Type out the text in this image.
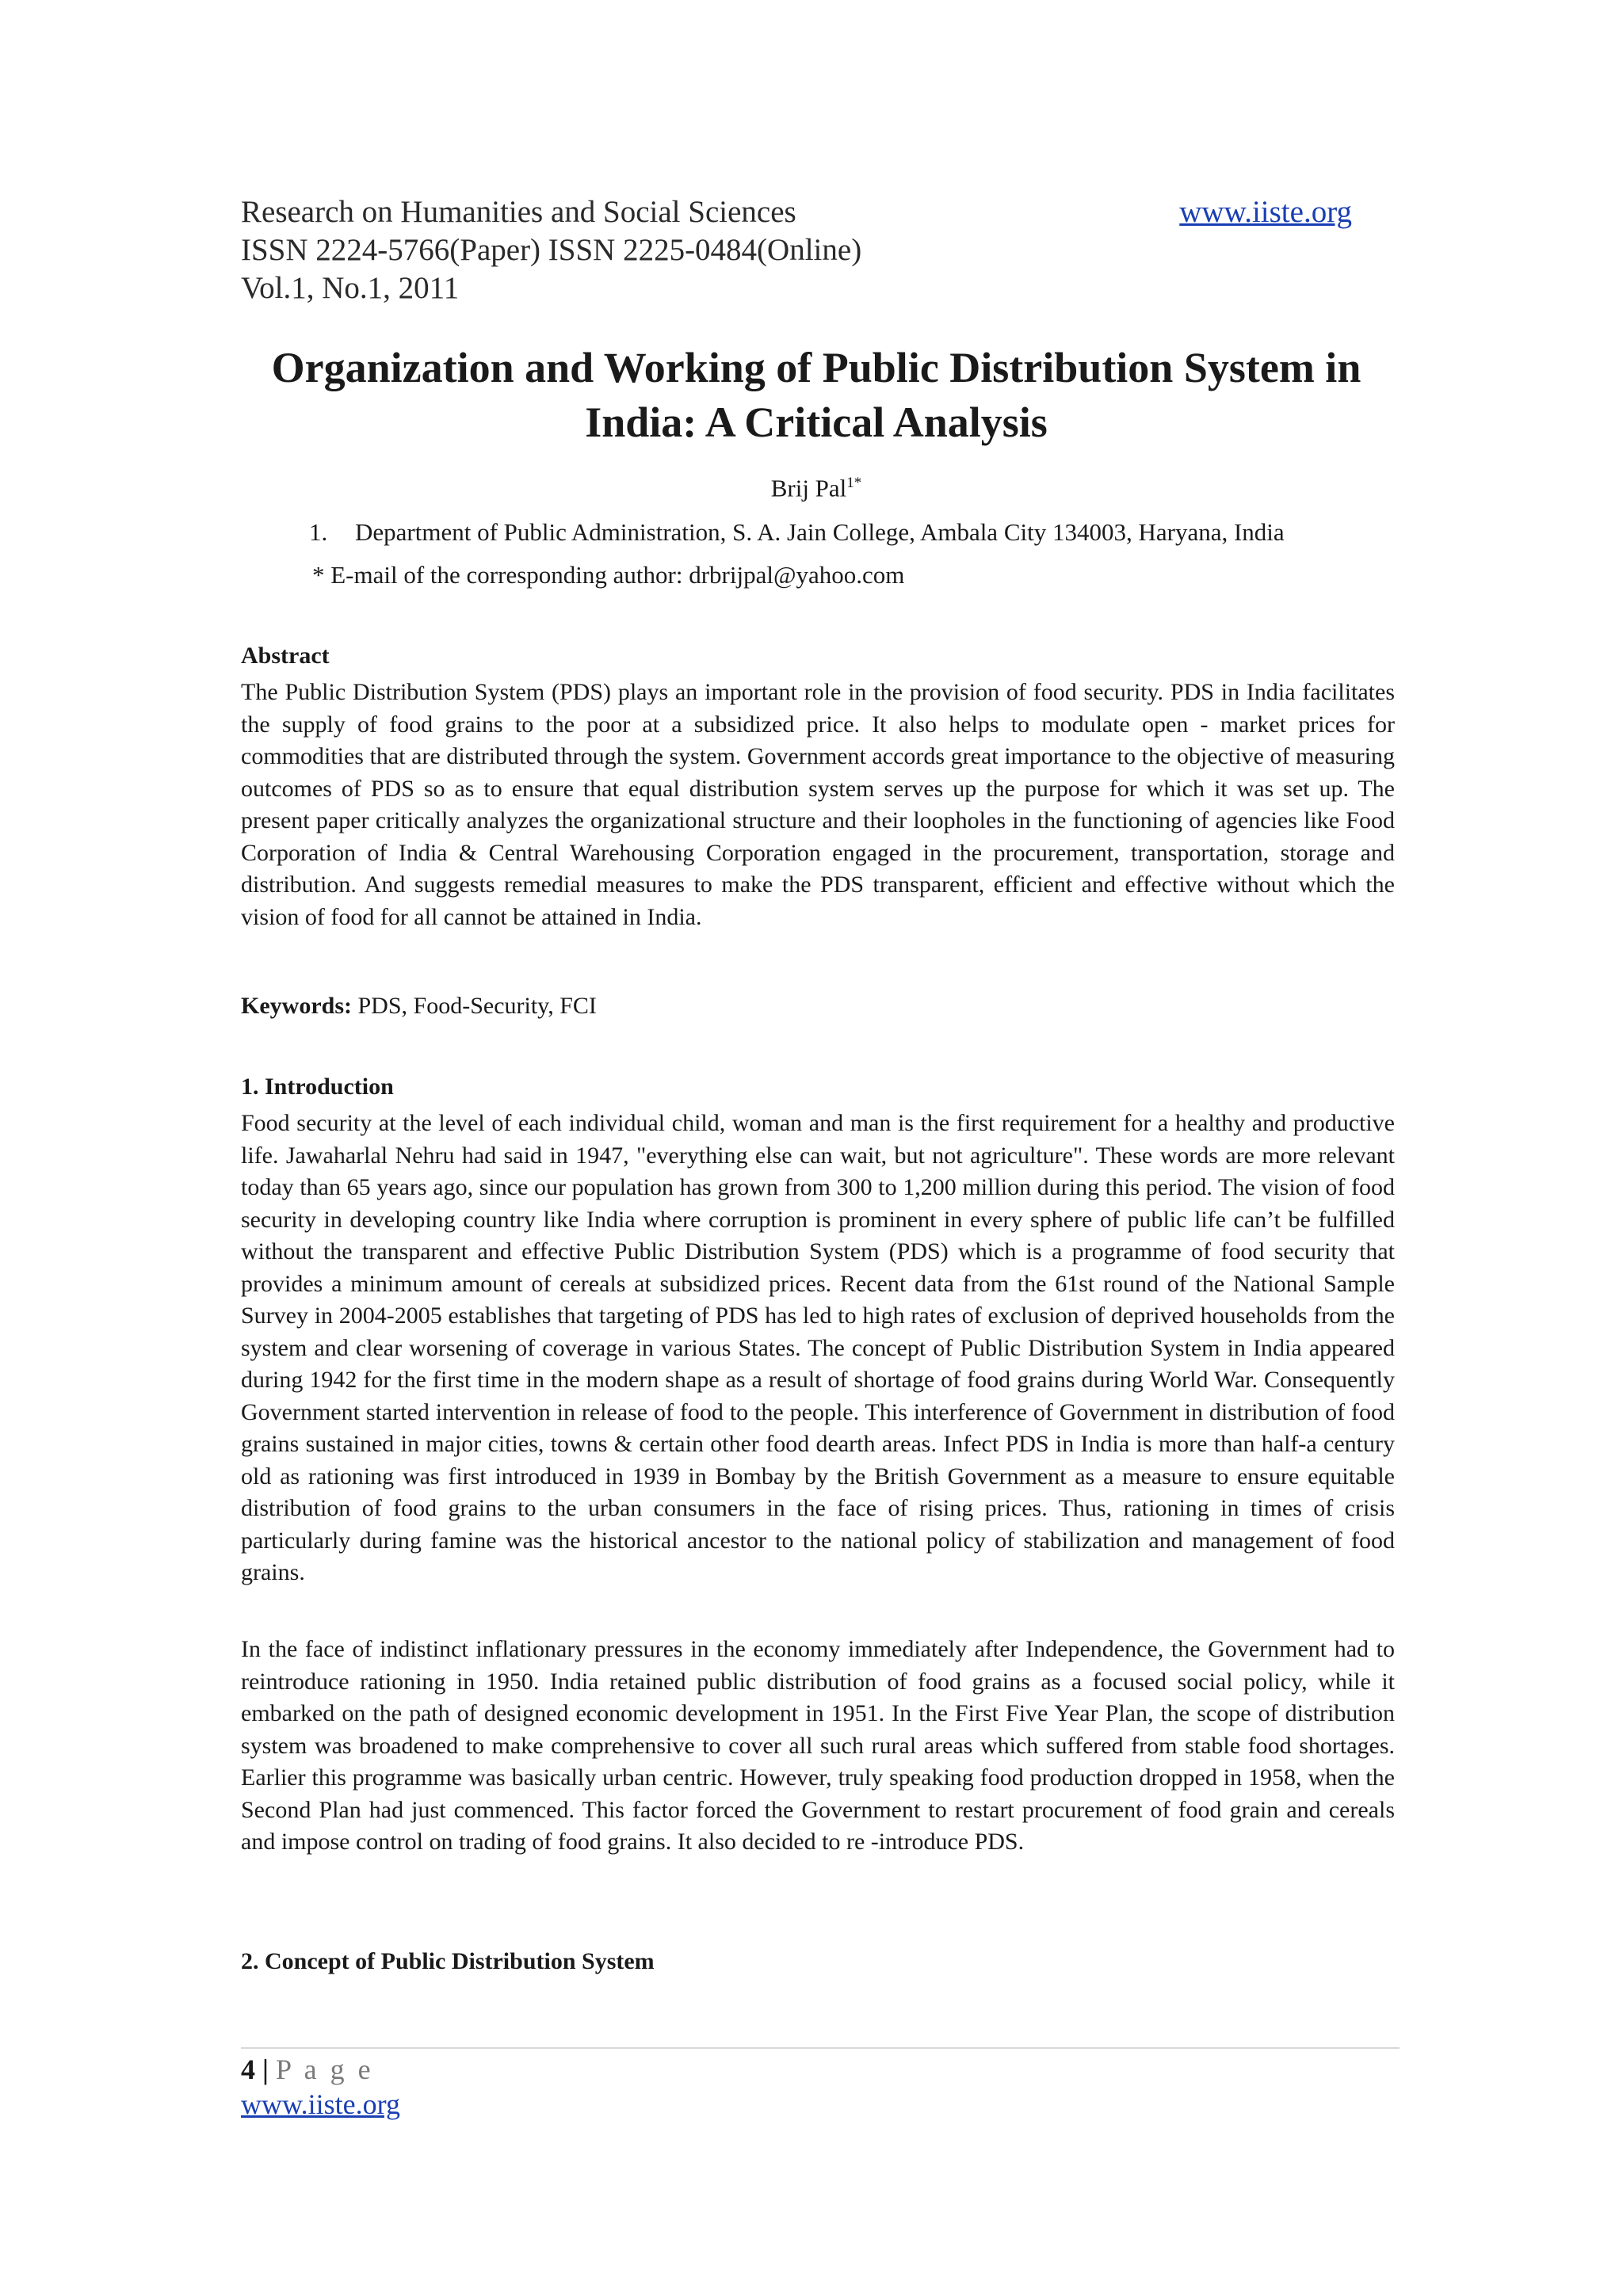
Research on Humanities and Social Sciences
ISSN 2224-5766(Paper) ISSN 2225-0484(Online)
Vol.1, No.1, 2011
www.iiste.org
Organization and Working of Public Distribution System in
India: A Critical Analysis
Brij Pal$^{1*}$
1. Department of Public Administration, S. A. Jain College, Ambala City 134003, Haryana, India
* E-mail of the corresponding author: drbrijpal@yahoo.com
Abstract
The Public Distribution System (PDS) plays an important role in the provision of food security. PDS in India facilitates the supply of food grains to the poor at a subsidized price. It also helps to modulate open - market prices for commodities that are distributed through the system. Government accords great importance to the objective of measuring outcomes of PDS so as to ensure that equal distribution system serves up the purpose for which it was set up. The present paper critically analyzes the organizational structure and their loopholes in the functioning of agencies like Food Corporation of India & Central Warehousing Corporation engaged in the procurement, transportation, storage and distribution. And suggests remedial measures to make the PDS transparent, efficient and effective without which the vision of food for all cannot be attained in India.
Keywords: PDS, Food-Security, FCI
1. Introduction
Food security at the level of each individual child, woman and man is the first requirement for a healthy and productive life. Jawaharlal Nehru had said in 1947, "everything else can wait, but not agriculture". These words are more relevant today than 65 years ago, since our population has grown from 300 to 1,200 million during this period. The vision of food security in developing country like India where corruption is prominent in every sphere of public life can’t be fulfilled without the transparent and effective Public Distribution System (PDS) which is a programme of food security that provides a minimum amount of cereals at subsidized prices. Recent data from the 61st round of the National Sample Survey in 2004-2005 establishes that targeting of PDS has led to high rates of exclusion of deprived households from the system and clear worsening of coverage in various States. The concept of Public Distribution System in India appeared during 1942 for the first time in the modern shape as a result of shortage of food grains during World War. Consequently Government started intervention in release of food to the people. This interference of Government in distribution of food grains sustained in major cities, towns & certain other food dearth areas. Infect PDS in India is more than half-a century old as rationing was first introduced in 1939 in Bombay by the British Government as a measure to ensure equitable distribution of food grains to the urban consumers in the face of rising prices. Thus, rationing in times of crisis particularly during famine was the historical ancestor to the national policy of stabilization and management of food grains.
In the face of indistinct inflationary pressures in the economy immediately after Independence, the Government had to reintroduce rationing in 1950. India retained public distribution of food grains as a focused social policy, while it embarked on the path of designed economic development in 1951. In the First Five Year Plan, the scope of distribution system was broadened to make comprehensive to cover all such rural areas which suffered from stable food shortages. Earlier this programme was basically urban centric. However, truly speaking food production dropped in 1958, when the Second Plan had just commenced. This factor forced the Government to restart procurement of food grain and cereals and impose control on trading of food grains. It also decided to re -introduce PDS.
2. Concept of Public Distribution System
4 | P a g e
www.iiste.org
